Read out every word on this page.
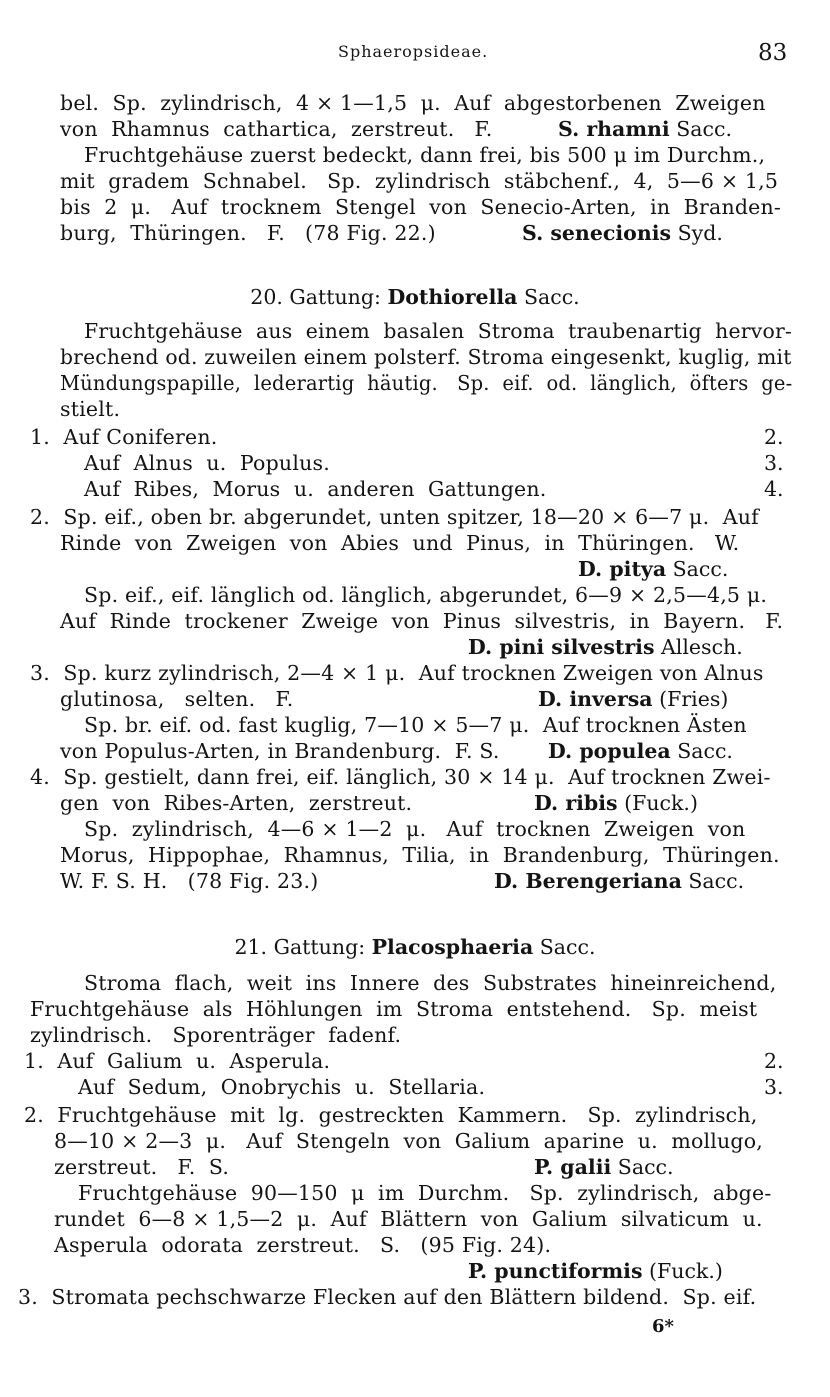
Sphaeropsideae.	83
bel.  Sp.  zylindrisch,  4 × 1—1,5  μ.  Auf  abgestorbenen  Zweigen
von  Rhamnus  cathartica,  zerstreut.   F.	S. rhamni Sacc.
Fruchtgehäuse zuerst bedeckt, dann frei, bis 500 μ im Durchm.,
mit  gradem  Schnabel.   Sp.  zylindrisch  stäbchenf.,  4,  5—6 × 1,5
bis  2  μ.   Auf  trocknem  Stengel  von  Senecio-Arten,  in  Branden-
burg,  Thüringen.   F.   (78 Fig. 22.)	S. senecionis Syd.
20. Gattung: Dothiorella Sacc.
Fruchtgehäuse  aus  einem  basalen  Stroma  traubenartig  hervor-
brechend od. zuweilen einem polsterf. Stroma eingesenkt, kuglig, mit
Mündungspapille,  lederartig  häutig.   Sp.  eif.  od.  länglich,  öfters  ge-
stielt.
1.  Auf Coniferen.	2.
Auf  Alnus  u.  Populus.	3.
Auf  Ribes,  Morus  u.  anderen  Gattungen.	4.
2.  Sp. eif., oben br. abgerundet, unten spitzer, 18—20 × 6—7 μ.  Auf
Rinde  von  Zweigen  von  Abies  und  Pinus,  in  Thüringen.   W.
D. pitya Sacc.
Sp. eif., eif. länglich od. länglich, abgerundet, 6—9 × 2,5—4,5 μ.
Auf  Rinde  trockener  Zweige  von  Pinus  silvestris,  in  Bayern.   F.
D. pini silvestris Allesch.
3.  Sp. kurz zylindrisch, 2—4 × 1 μ.  Auf trocknen Zweigen von Alnus
glutinosa,   selten.   F.	D. inversa (Fries)
Sp. br. eif. od. fast kuglig, 7—10 × 5—7 μ.  Auf trocknen Ästen
von Populus-Arten, in Brandenburg.  F. S. D. populea Sacc.
4.  Sp. gestielt, dann frei, eif. länglich, 30 × 14 μ.  Auf trocknen Zwei-
gen  von  Ribes-Arten,  zerstreut.	D. ribis (Fuck.)
Sp.  zylindrisch,  4—6 × 1—2  μ.   Auf  trocknen  Zweigen  von
Morus,  Hippophae,  Rhamnus,  Tilia,  in  Brandenburg,  Thüringen.
W. F. S. H.   (78 Fig. 23.)	D. Berengeriana Sacc.
21. Gattung: Placosphaeria Sacc.
Stroma  flach,  weit  ins  Innere  des  Substrates  hineinreichend,
Fruchtgehäuse  als  Höhlungen  im  Stroma  entstehend.   Sp.  meist
zylindrisch.   Sporenträger  fadenf.
1.  Auf  Galium  u.  Asperula.	2.
Auf  Sedum,  Onobrychis  u.  Stellaria.	3.
2.  Fruchtgehäuse  mit  lg.  gestreckten  Kammern.   Sp.  zylindrisch,
8—10 × 2—3  μ.   Auf  Stengeln  von  Galium  aparine  u.  mollugo,
zerstreut.   F.  S.	P. galii Sacc.
Fruchtgehäuse  90—150  μ  im  Durchm.   Sp.  zylindrisch,  abge-
rundet  6—8 × 1,5—2  μ.  Auf  Blättern  von  Galium  silvaticum  u.
Asperula  odorata  zerstreut.   S.   (95 Fig. 24).
P. punctiformis (Fuck.)
3.  Stromata pechschwarze Flecken auf den Blättern bildend.  Sp. eif.
6*
